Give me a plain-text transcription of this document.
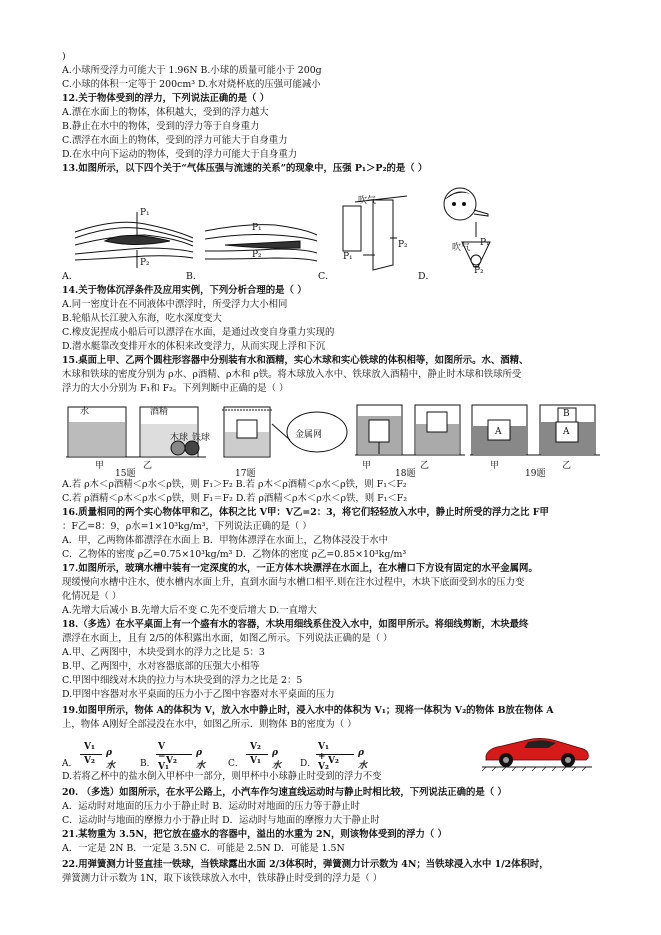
)
A.小球所受浮力可能大于 1.96N B.小球的质量可能小于 200g
C.小球的体积一定等于 200cm³ D.水对烧杯底的压强可能减小
12.关于物体受到的浮力，下列说法正确的是（ ）
A.漂在水面上的物体，体积越大，受到的浮力越大
B.静止在水中的物体，受到的浮力等于自身重力
C.漂浮在水面上的物体，受到的浮力可能大于自身重力
D.在水中向下运动的物体，受到的浮力可能大于自身重力
13.如图所示，以下四个关于“气体压强与流速的关系”的现象中，压强 P₁＞P₂的是（ ）
P₁
P₂
P₁
P₂
吹气
P₁
P₂	吹气 P₁
P₂
A．	B．	C．	D．
14.关于物体沉浮条件及应用实例，下列分析合理的是（ ）
A.同一密度计在不同液体中漂浮时，所受浮力大小相同
B.轮船从长江驶入东海，吃水深度变大
C.橡皮泥捏成小船后可以漂浮在水面，是通过改变自身重力实现的
D.潜水艇靠改变排开水的体积来改变浮力，从而实现上浮和下沉
15.桌面上甲、乙两个圆柱形容器中分别装有水和酒精，实心木球和实心铁球的体积相等，如图所示。水、酒精、
木球和铁球的密度分别为 ρ水、ρ酒精、ρ木和 ρ铁。将木球放入水中、铁球放入酒精中，静止时木球和铁球所受
浮力的大小分别为 F₁和 F₂。下列判断中正确的是（ ）
水	酒精
木球 铁球
甲	乙
15题
金属网
17题
甲	乙
18题
A
B
A
甲	乙
19题
A.若 ρ木＜ρ酒精＜ρ水＜ρ铁，则 F₁＞F₂ B.若 ρ木＜ρ酒精＜ρ水＜ρ铁，则 F₁＜F₂
C.若 ρ酒精＜ρ木＜ρ水＜ρ铁，则 F₁＝F₂ D.若 ρ酒精＜ρ木＜ρ水＜ρ铁，则 F₁＜F₂
16.质量相同的两个实心物体甲和乙，体积之比 V甲：V乙=2：3，将它们轻轻放入水中，静止时所受的浮力之比 F甲
：F乙=8：9，ρ水=1×10³kg/m³，下列说法正确的是（ ）
A．甲，乙两物体都漂浮在水面上 B．甲物体漂浮在水面上，乙物体浸没于水中
C．乙物体的密度 ρ乙=0.75×10³kg/m³ D．乙物体的密度 ρ乙=0.85×10³kg/m³
17.如图所示，玻璃水槽中装有一定深度的水，一正方体木块漂浮在水面上，在水槽口下方设有固定的水平金属网。
现缓慢向水槽中注水，使水槽内水面上升，直到水面与水槽口相平.则在注水过程中，木块下底面受到水的压力变
化情况是（ ）
A.先增大后减小 B.先增大后不变 C.先不变后增大 D.一直增大
18.（多选）在水平桌面上有一个盛有水的容器，木块用细线系住没入水中，如图甲所示。将细线剪断，木块最终
漂浮在水面上，且有 2/5的体积露出水面，如图乙所示。下列说法正确的是（ ）
A.甲、乙两图中，木块受到水的浮力之比是 5：3
B.甲、乙两图中，水对容器底部的压强大小相等
C.甲图中细线对木块的拉力与木块受到的浮力之比是 2：5
D.甲图中容器对水平桌面的压力小于乙图中容器对水平桌面的压力
19.如图甲所示，物体 A的体积为 V，放入水中静止时，浸入水中的体积为 V₁；现将一体积为 V₂的物体 B放在物体 A
上，物体 A刚好全部浸没在水中，如图乙所示．则物体 B的密度为（ ）
A．
V₁
V₂
ρ水	B．
V − V₁
V₂
ρ水	C．
V₂
V₁
ρ水 D．
V₁ + V₂
V₂
ρ水
D.若将乙杯中的盐水倒入甲杯中一部分，则甲杯中小球静止时受到的浮力不变
20. （多选）如图所示，在水平公路上，小汽车作匀速直线运动时与静止时相比较，下列说法正确的是（ ）
A．运动时对地面的压力小于静止时 B．运动时对地面的压力等于静止时
C．运动时与地面的摩擦力小于静止时 D．运动时与地面的摩擦力大于静止时
21.某物重为 3.5N，把它放在盛水的容器中，溢出的水重为 2N，则该物体受到的浮力（ ）
A．一定是 2N B．一定是 3.5N C．可能是 2.5N D．可能是 1.5N
22.用弹簧测力计竖直挂一铁球，当铁球露出水面 2/3体积时，弹簧测力计示数为 4N；当铁球浸入水中 1/2体积时，
弹簧测力计示数为 1N，取下该铁球放入水中，铁球静止时受到的浮力是（ ）
